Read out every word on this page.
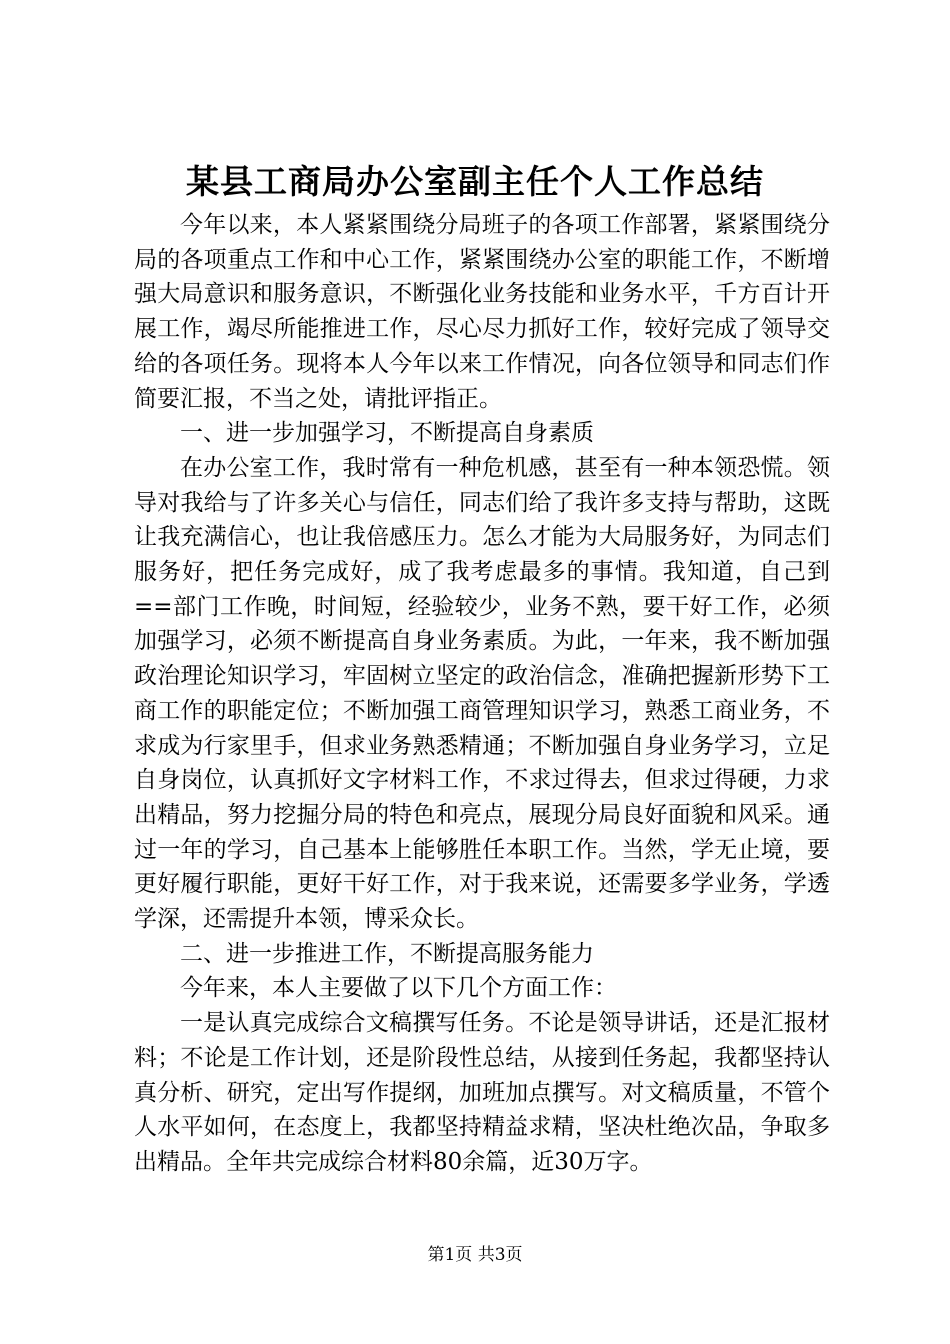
某县工商局办公室副主任个人工作总结

今年以来，本人紧紧围绕分局班子的各项工作部署，紧紧围绕分局的各项重点工作和中心工作，紧紧围绕办公室的职能工作，不断增强大局意识和服务意识，不断强化业务技能和业务水平，千方百计开展工作，竭尽所能推进工作，尽心尽力抓好工作，较好完成了领导交给的各项任务。现将本人今年以来工作情况，向各位领导和同志们作简要汇报，不当之处，请批评指正。

一、进一步加强学习，不断提高自身素质

在办公室工作，我时常有一种危机感，甚至有一种本领恐慌。领导对我给与了许多关心与信任，同志们给了我许多支持与帮助，这既让我充满信心，也让我倍感压力。怎么才能为大局服务好，为同志们服务好，把任务完成好，成了我考虑最多的事情。我知道，自己到==部门工作晚，时间短，经验较少，业务不熟，要干好工作，必须加强学习，必须不断提高自身业务素质。为此，一年来，我不断加强政治理论知识学习，牢固树立坚定的政治信念，准确把握新形势下工商工作的职能定位；不断加强工商管理知识学习，熟悉工商业务，不求成为行家里手，但求业务熟悉精通；不断加强自身业务学习，立足自身岗位，认真抓好文字材料工作，不求过得去，但求过得硬，力求出精品，努力挖掘分局的特色和亮点，展现分局良好面貌和风采。通过一年的学习，自己基本上能够胜任本职工作。当然，学无止境，要更好履行职能，更好干好工作，对于我来说，还需要多学业务，学透学深，还需提升本领，博采众长。

二、进一步推进工作，不断提高服务能力

今年来，本人主要做了以下几个方面工作：

一是认真完成综合文稿撰写任务。不论是领导讲话，还是汇报材料；不论是工作计划，还是阶段性总结，从接到任务起，我都坚持认真分析、研究，定出写作提纲，加班加点撰写。对文稿质量，不管个人水平如何，在态度上，我都坚持精益求精，坚决杜绝次品，争取多出精品。全年共完成综合材料80余篇，近30万字。

第1页 共3页
